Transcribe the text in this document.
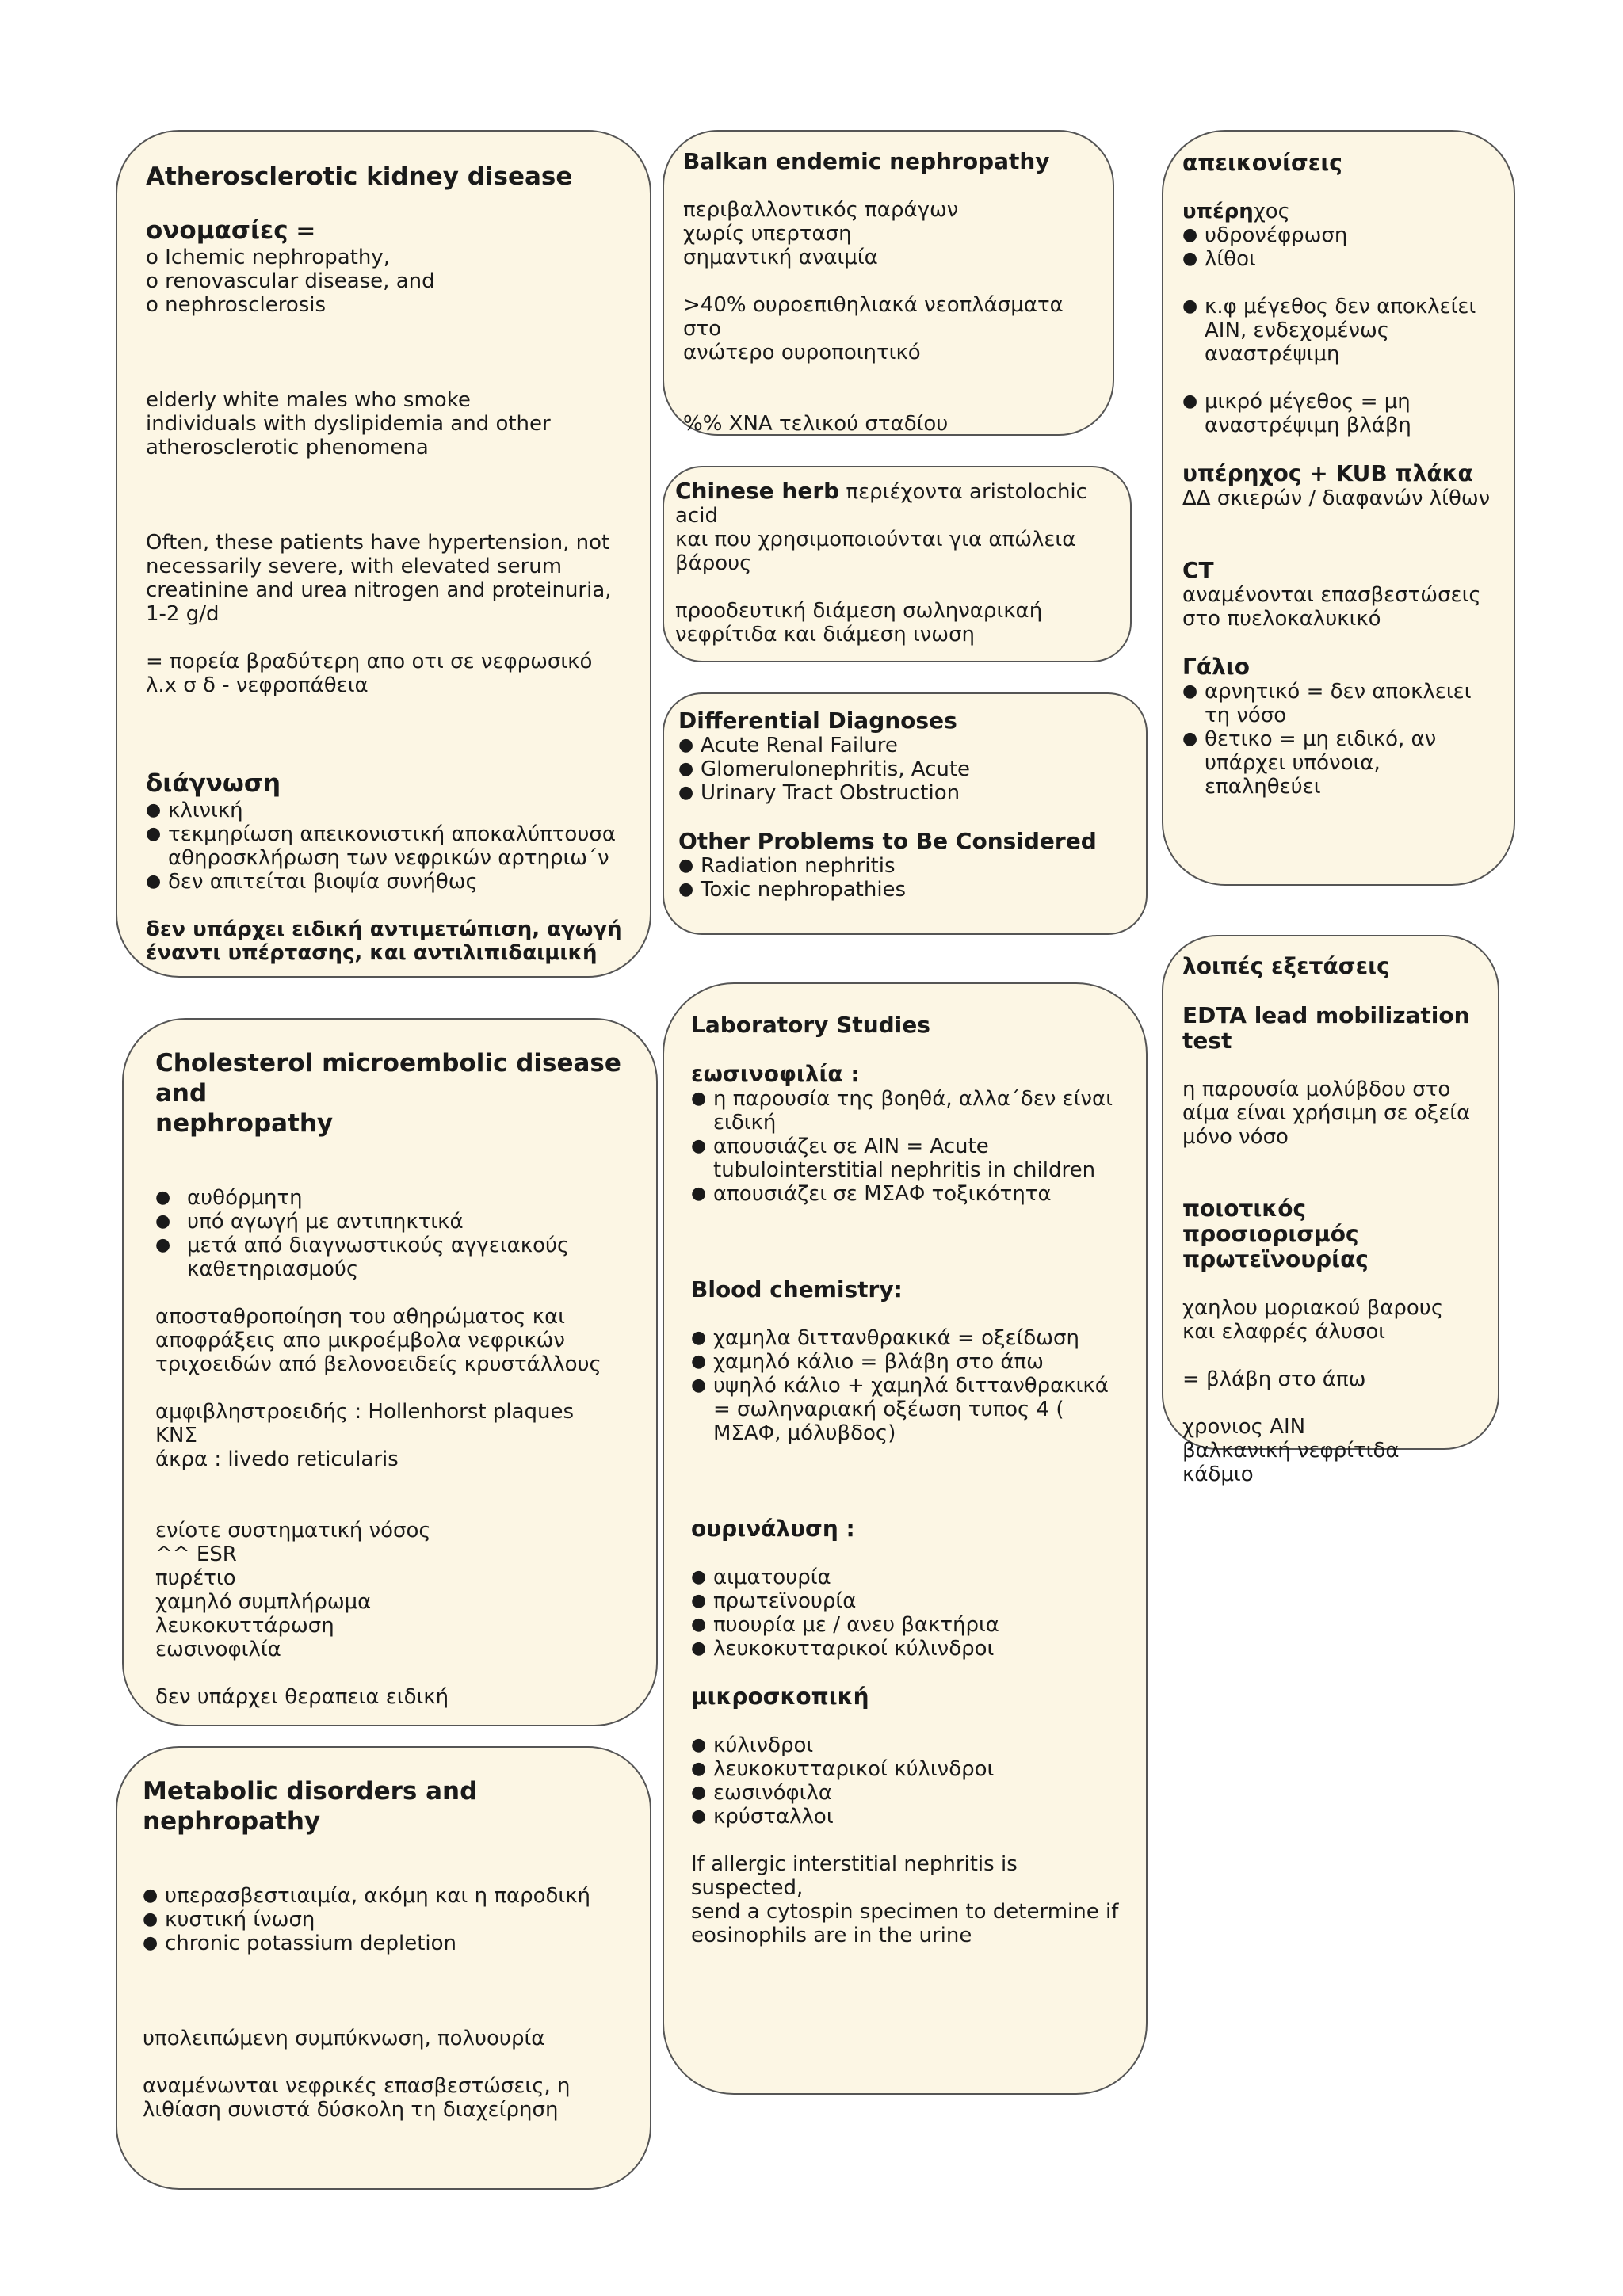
Atherosclerotic kidney disease

ονομασίες =

o Ichemic nephropathy,

o renovascular disease, and

o nephrosclerosis

elderly white males who smoke

individuals with dyslipidemia and other

atherosclerotic phenomena

Often, these patients have hypertension, not

necessarily severe, with elevated serum

creatinine and urea nitrogen and proteinuria,

1-2 g/d

= πορεία βραδύτερη απο οτι σε νεφρωσικό

λ.x σ δ - νεφροπάθεια

διάγνωση

● κλινική
● τεκμηρίωση απεικονιστική αποκαλύπτουσα αθηροσκλήρωση των νεφρικών αρτηριω΄ν
● δεν απιτείται βιοψία συνήθως

δεν υπάρχει ειδική αντιμετώπιση, αγωγή

έναντι υπέρτασης, και αντιλιπιδαιμική

Cholesterol microembolic disease and

nephropathy

● αυθόρμητη
● υπό αγωγή με αντιπηκτικά
● μετά από διαγνωστικούς αγγειακούς καθετηριασμούς

αποσταθροποίηση του αθηρώματος και

αποφράξεις απο μικροέμβολα νεφρικών

τριχοειδών από βελονοειδείς κρυστάλλους

αμφιβληστροειδής : Hollenhorst plaques

ΚΝΣ

άκρα : livedo reticularis

ενίοτε συστηματική νόσος

^^ ESR

πυρέτιο

χαμηλό συμπλήρωμα

λευκοκυττάρωση

εωσινοφιλία

δεν υπάρχει θεραπεια ειδική

Metabolic disorders and

nephropathy

● υπερασβεστιαιμία, ακόμη και η παροδική
● κυστική ίνωση
● chronic potassium depletion

υπολειπώμενη συμπύκνωση, πολυουρία

αναμένωνται νεφρικές επασβεστώσεις, η

λιθίαση συνιστά δύσκολη τη διαχείρηση

Balkan endemic nephropathy

περιβαλλοντικός παράγων

χωρίς υπερταση

σημαντική αναιμία

>40% ουροεπιθηλιακά νεοπλάσματα στο

ανώτερο ουροποιητικό

%% ΧΝΑ τελικού σταδίου

Chinese herb περιέχοντα aristolochic acid

και που χρησιμοποιούνται για απώλεια

βάρους

προοδευτική διάμεση σωληναρικαή

νεφρίτιδα και διάμεση ινωση

Differential Diagnoses

● Acute Renal Failure
● Glomerulonephritis, Acute
● Urinary Tract Obstruction

Other Problems to Be Considered

● Radiation nephritis
● Toxic nephropathies

Laboratory Studies

εωσινοφιλία :

● η παρουσία της βοηθά, αλλα΄δεν είναι ειδική
● απουσιάζει σε AIN = Acute tubulointerstitial nephritis in children
● απουσιάζει σε ΜΣΑΦ τοξικότητα

Blood chemistry:

● χαμηλα διττανθρακικά = οξείδωση
● χαμηλό κάλιο = βλάβη στο άπω
● υψηλό κάλιο + χαμηλά διττανθρακικά = σωληναριακή οξέωση τυπος 4 ( ΜΣΑΦ, μόλυβδος)

ουρινάλυση :

● αιματουρία
● πρωτεϊνουρία
● πυουρία με / ανευ βακτήρια
● λευκοκυτταρικοί κύλινδροι

μικροσκοπική

● κύλινδροι
● λευκοκυτταρικοί κύλινδροι
● εωσινόφιλα
● κρύσταλλοι

If allergic interstitial nephritis is suspected,

send a cytospin specimen to determine if

eosinophils are in the urine

απεικονίσεις

υπέρηχος

● υδρονέφρωση
● λίθοι
● κ.φ μέγεθος δεν αποκλείει AIN, ενδεχομένως αναστρέψιμη
● μικρό μέγεθος = μη αναστρέψιμη βλάβη

υπέρηχος + KUB πλάκα

ΔΔ σκιερών / διαφανών λίθων

CT

αναμένονται επασβεστώσεις

στο πυελοκαλυκικό

Γάλιο

● αρνητικό = δεν αποκλειει τη νόσο
● θετικο = μη ειδικό, αν υπάρχει υπόνοια, επαληθεύει

λοιπές εξετάσεις

EDTA lead mobilization test

η παρουσία μολύβδου στο

αίμα είναι χρήσιμη σε οξεία

μόνο νόσο

ποιοτικός προσιορισμός

πρωτεϊνουρίας

χαηλου μοριακού βαρους

και ελαφρές άλυσοι

= βλάβη στο άπω

χρονιος AIN

βαλκανική νεφρίτιδα

κάδμιο
